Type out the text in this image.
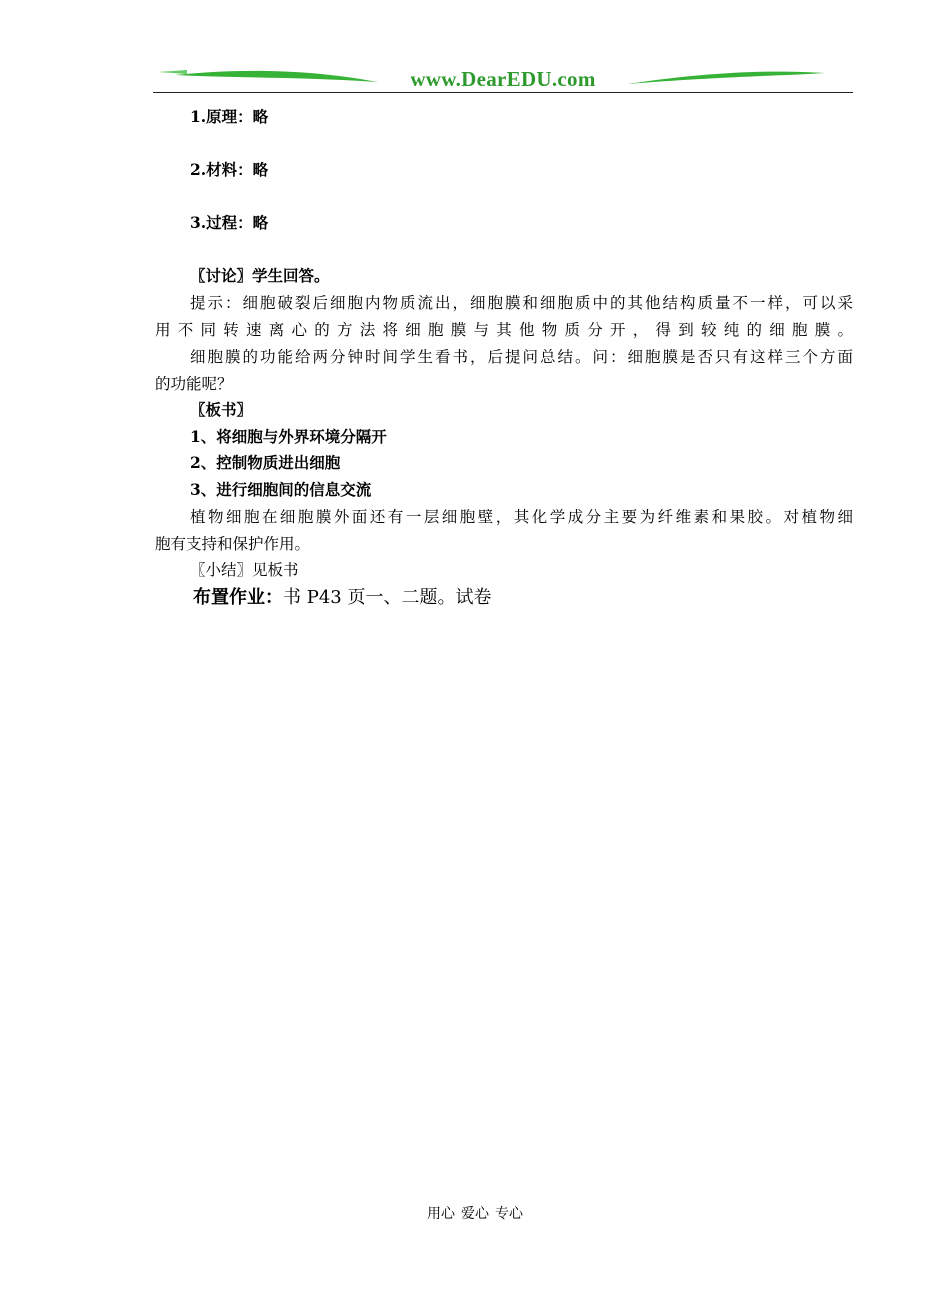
www.DearEDU.com
1.原理：略
2.材料：略
3.过程：略
〖讨论〗学生回答。
提示：细胞破裂后细胞内物质流出，细胞膜和细胞质中的其他结构质量不一样，可以采
用不同转速离心的方法将细胞膜与其他物质分开，得到较纯的细胞膜。
细胞膜的功能给两分钟时间学生看书，后提问总结。问：细胞膜是否只有这样三个方面
的功能呢？
〖板书〗
1、将细胞与外界环境分隔开
2、控制物质进出细胞
3、进行细胞间的信息交流
植物细胞在细胞膜外面还有一层细胞壁，其化学成分主要为纤维素和果胶。对植物细
胞有支持和保护作用。
〖小结〗见板书
布置作业：书 P43 页一、二题。试卷
用心 爱心 专心
